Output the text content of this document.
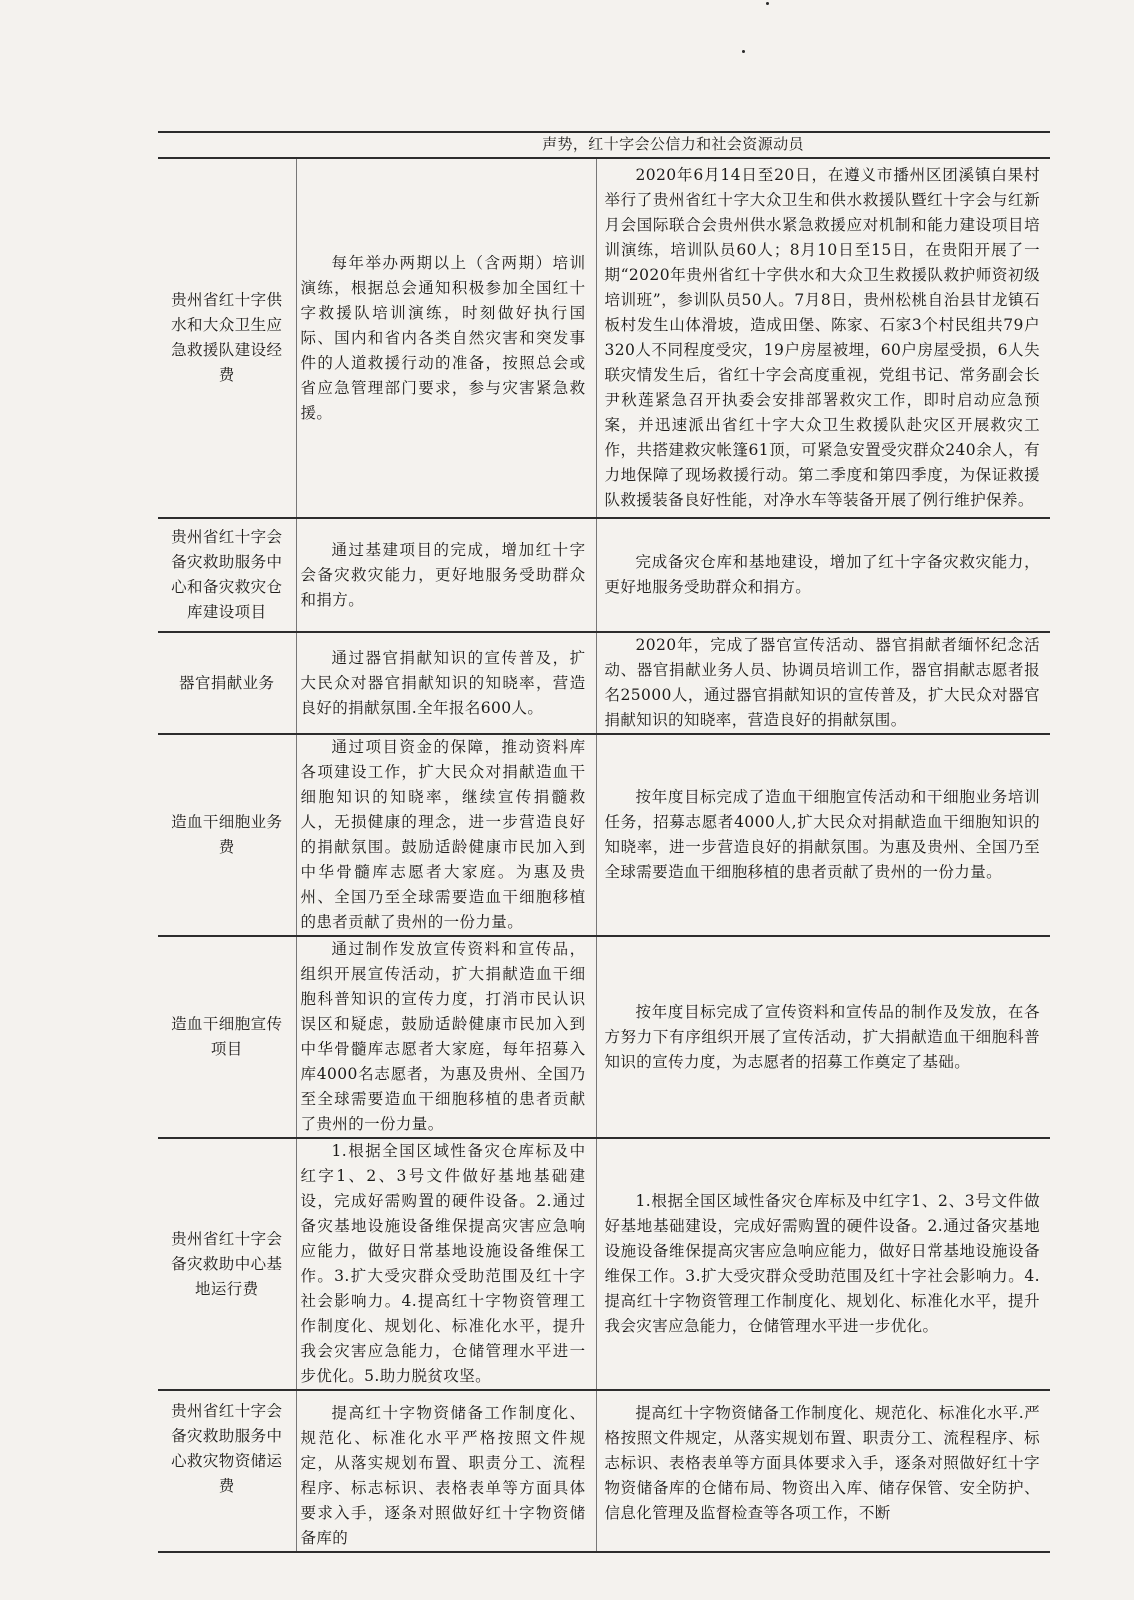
	声势，红十字会公信力和社会资源动员	
贵州省红十字供水和大众卫生应急救援队建设经费	每年举办两期以上（含两期）培训演练，根据总会通知积极参加全国红十字救援队培训演练，时刻做好执行国际、国内和省内各类自然灾害和突发事件的人道救援行动的准备，按照总会或省应急管理部门要求，参与灾害紧急救援。	2020年6月14日至20日，在遵义市播州区团溪镇白果村举行了贵州省红十字大众卫生和供水救援队暨红十字会与红新月会国际联合会贵州供水紧急救援应对机制和能力建设项目培训演练，培训队员60人；8月10日至15日，在贵阳开展了一期“2020年贵州省红十字供水和大众卫生救援队救护师资初级培训班”，参训队员50人。7月8日，贵州松桃自治县甘龙镇石板村发生山体滑坡，造成田堡、陈家、石家3个村民组共79户320人不同程度受灾，19户房屋被埋，60户房屋受损，6人失联灾情发生后，省红十字会高度重视，党组书记、常务副会长尹秋莲紧急召开执委会安排部署救灾工作，即时启动应急预案，并迅速派出省红十字大众卫生救援队赴灾区开展救灾工作，共搭建救灾帐篷61顶，可紧急安置受灾群众240余人，有力地保障了现场救援行动。第二季度和第四季度，为保证救援队救援装备良好性能，对净水车等装备开展了例行维护保养。
贵州省红十字会备灾救助服务中心和备灾救灾仓库建设项目	通过基建项目的完成，增加红十字会备灾救灾能力，更好地服务受助群众和捐方。	完成备灾仓库和基地建设，增加了红十字备灾救灾能力，更好地服务受助群众和捐方。
器官捐献业务	通过器官捐献知识的宣传普及，扩大民众对器官捐献知识的知晓率，营造良好的捐献氛围.全年报名600人。	2020年，完成了器官宣传活动、器官捐献者缅怀纪念活动、器官捐献业务人员、协调员培训工作，器官捐献志愿者报名25000人，通过器官捐献知识的宣传普及，扩大民众对器官捐献知识的知晓率，营造良好的捐献氛围。
造血干细胞业务费	通过项目资金的保障，推动资料库各项建设工作，扩大民众对捐献造血干细胞知识的知晓率，继续宣传捐髓救人，无损健康的理念，进一步营造良好的捐献氛围。鼓励适龄健康市民加入到中华骨髓库志愿者大家庭。为惠及贵州、全国乃至全球需要造血干细胞移植的患者贡献了贵州的一份力量。	按年度目标完成了造血干细胞宣传活动和干细胞业务培训任务，招募志愿者4000人,扩大民众对捐献造血干细胞知识的知晓率，进一步营造良好的捐献氛围。为惠及贵州、全国乃至全球需要造血干细胞移植的患者贡献了贵州的一份力量。
造血干细胞宣传项目	通过制作发放宣传资料和宣传品，组织开展宣传活动，扩大捐献造血干细胞科普知识的宣传力度，打消市民认识误区和疑虑，鼓励适龄健康市民加入到中华骨髓库志愿者大家庭，每年招募入库4000名志愿者，为惠及贵州、全国乃至全球需要造血干细胞移植的患者贡献了贵州的一份力量。	按年度目标完成了宣传资料和宣传品的制作及发放，在各方努力下有序组织开展了宣传活动，扩大捐献造血干细胞科普知识的宣传力度，为志愿者的招募工作奠定了基础。
贵州省红十字会备灾救助中心基地运行费	1.根据全国区域性备灾仓库标及中红字1、2、3号文件做好基地基础建设，完成好需购置的硬件设备。2.通过备灾基地设施设备维保提高灾害应急响应能力，做好日常基地设施设备维保工作。3.扩大受灾群众受助范围及红十字社会影响力。4.提高红十字物资管理工作制度化、规划化、标准化水平，提升我会灾害应急能力，仓储管理水平进一步优化。5.助力脱贫攻坚。	1.根据全国区域性备灾仓库标及中红字1、2、3号文件做好基地基础建设，完成好需购置的硬件设备。2.通过备灾基地设施设备维保提高灾害应急响应能力，做好日常基地设施设备维保工作。3.扩大受灾群众受助范围及红十字社会影响力。4.提高红十字物资管理工作制度化、规划化、标准化水平，提升我会灾害应急能力，仓储管理水平进一步优化。
贵州省红十字会备灾救助服务中心救灾物资储运费	提高红十字物资储备工作制度化、规范化、标准化水平严格按照文件规定，从落实规划布置、职责分工、流程程序、标志标识、表格表单等方面具体要求入手，逐条对照做好红十字物资储备库的	提高红十字物资储备工作制度化、规范化、标准化水平.严格按照文件规定，从落实规划布置、职责分工、流程程序、标志标识、表格表单等方面具体要求入手，逐条对照做好红十字物资储备库的仓储布局、物资出入库、储存保管、安全防护、信息化管理及监督检查等各项工作，不断
